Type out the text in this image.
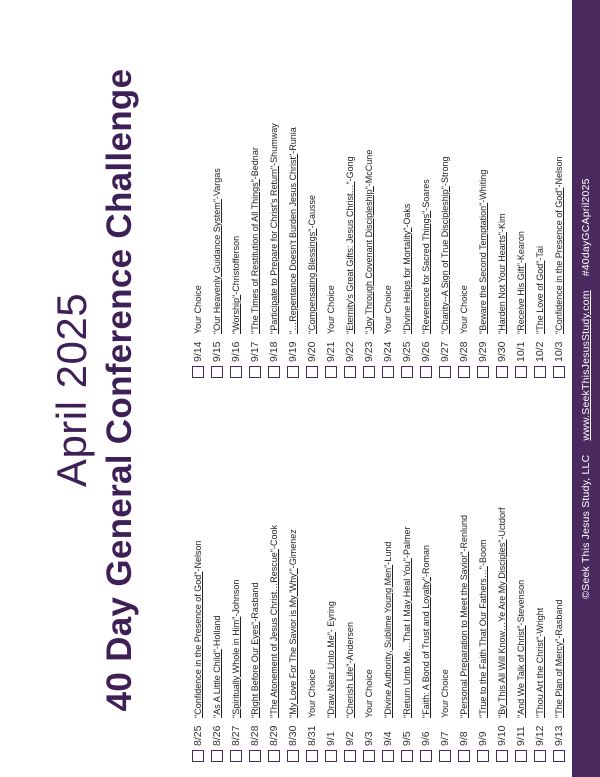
©Seek This Jesus Study, LLC
www.SeekThisJesusStudy.com
#40dayGCApril2025
April 2025 40 Day General Conference Challenge
8/25
"Confidence in the Presence of God"
-Nelson
8/26
"As A Little Child"
-Holland
8/27
"Spiritually Whole in Him"
-Johnson
8/28
"Right Before Our Eyes"
-Rasband
8/29
"The Atonement of Jesus Christ…Rescue"
-Cook
8/30
"My Love For The Savior is My 'Why'"
-Gimenez
8/31
Your Choice
9/1
"Draw Near Unto Me"
- Eyring
9/2
"Cherish Life"
-Andersen
9/3
Your Choice
9/4
"Divine Authority, Sublime Young Men"
-Lund
9/5
"Return Unto Me…That I May Heal You"
-Palmer
9/6
"Faith: A Bond of Trust and Loyalty"
-Roman
9/7
Your Choice
9/8
"Personal Preparation to Meet the Savior"
-Renlund
9/9
"True to the Faith That Our Fathers…"
-Boom
9/10
"By This All Will Know…Ye Are My Disciples"
-Uctdorf
9/11
"And We Talk of Christ"
-Stevenson
9/12
"Thou Art the Christ"
-Wright
9/13
"The Plan of Mercy"
-Rasband
9/14
Your Choice
9/15
"Our Heavenly Guidance System"
-Vargas
9/16
"Worship"
-Christofferson
9/17
"The Times of Restitution of All Things"
-Bednar
9/18
"Participate to Prepare for Christ's Return"
-Shumway
9/19
"…Repentance Doesn't Burden Jesus Christ"
-Runia
9/20
"Compensating Blessings"
-Causse
9/21
Your Choice
9/22
"Eternity's Great Gifts: Jesus Christ…"
-Gong
9/23
"Joy Through Covenant Discipleship"
-McCune
9/24
Your Choice
9/25
"Divine Helps for Mortality"
-Oaks
9/26
"Reverence for Sacred Things"
-Soares
9/27
"Charity--A Sign of True Discipleship"
-Strong
9/28
Your Choice
9/29
"Beware the Second Temptation"
-Whiting
9/30
"Harden Not Your Hearts"
-Kim
10/1
"Receive His Gift"
-Kearon
10/2
"The Love of God"
-Tai
10/3
"Confidence in the Presence of God"
-Nelson
